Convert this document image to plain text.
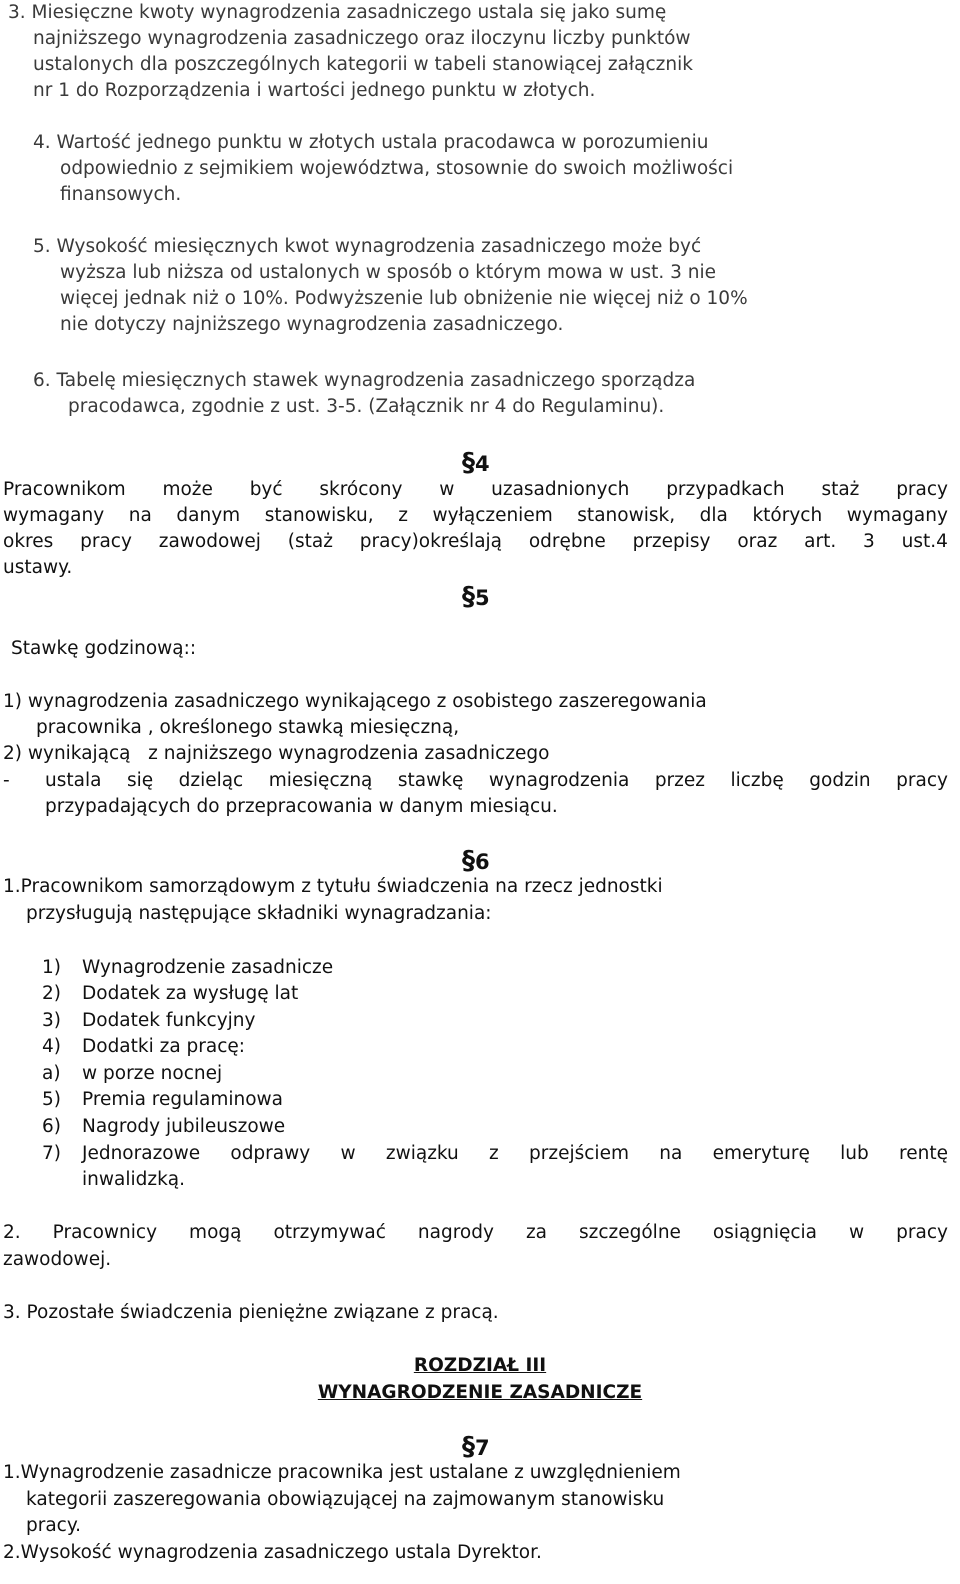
3. Miesięczne kwoty wynagrodzenia zasadniczego ustala się jako sumę
najniższego wynagrodzenia zasadniczego oraz iloczynu liczby punktów
ustalonych dla poszczególnych kategorii w tabeli stanowiącej załącznik
nr 1 do Rozporządzenia i wartości jednego punktu w złotych.
4. Wartość jednego punktu w złotych ustala pracodawca w porozumieniu
odpowiednio z sejmikiem województwa, stosownie do swoich możliwości
finansowych.
5. Wysokość miesięcznych kwot wynagrodzenia zasadniczego może być
wyższa lub niższa od ustalonych w sposób o którym mowa w ust. 3 nie
więcej jednak niż o 10%. Podwyższenie lub obniżenie nie więcej niż o 10%
nie dotyczy najniższego wynagrodzenia zasadniczego.
6. Tabelę miesięcznych stawek wynagrodzenia zasadniczego sporządza
pracodawca, zgodnie z ust. 3-5. (Załącznik nr 4 do Regulaminu).
§4
Pracownikom może być skrócony w uzasadnionych przypadkach staż pracy
wymagany na danym stanowisku, z wyłączeniem stanowisk, dla których wymagany
okres pracy zawodowej (staż pracy)określają odrębne przepisy oraz art. 3 ust.4
ustawy.
§5
Stawkę godzinową::
1) wynagrodzenia zasadniczego wynikającego z osobistego zaszeregowania
pracownika , określonego stawką miesięczną,
2) wynikającą   z najniższego wynagrodzenia zasadniczego
- ustala się dzieląc miesięczną stawkę wynagrodzenia przez liczbę godzin pracy
przypadających do przepracowania w danym miesiącu.
§6
1.Pracownikom samorządowym z tytułu świadczenia na rzecz jednostki
przysługują następujące składniki wynagradzania:
1)	Wynagrodzenie zasadnicze
2)	Dodatek za wysługę lat
3)	Dodatek funkcyjny
4)	Dodatki za pracę:
a)	w porze nocnej
5)	Premia regulaminowa
6)	Nagrody jubileuszowe
7)	Jednorazowe odprawy w związku z przejściem na emeryturę lub rentę
inwalidzką.
2. Pracownicy mogą otrzymywać nagrody za szczególne osiągnięcia w pracy
zawodowej.
3. Pozostałe świadczenia pieniężne związane z pracą.
ROZDZIAŁ III
WYNAGRODZENIE ZASADNICZE
§7
1.Wynagrodzenie zasadnicze pracownika jest ustalane z uwzględnieniem
kategorii zaszeregowania obowiązującej na zajmowanym stanowisku
pracy.
2.Wysokość wynagrodzenia zasadniczego ustala Dyrektor.
